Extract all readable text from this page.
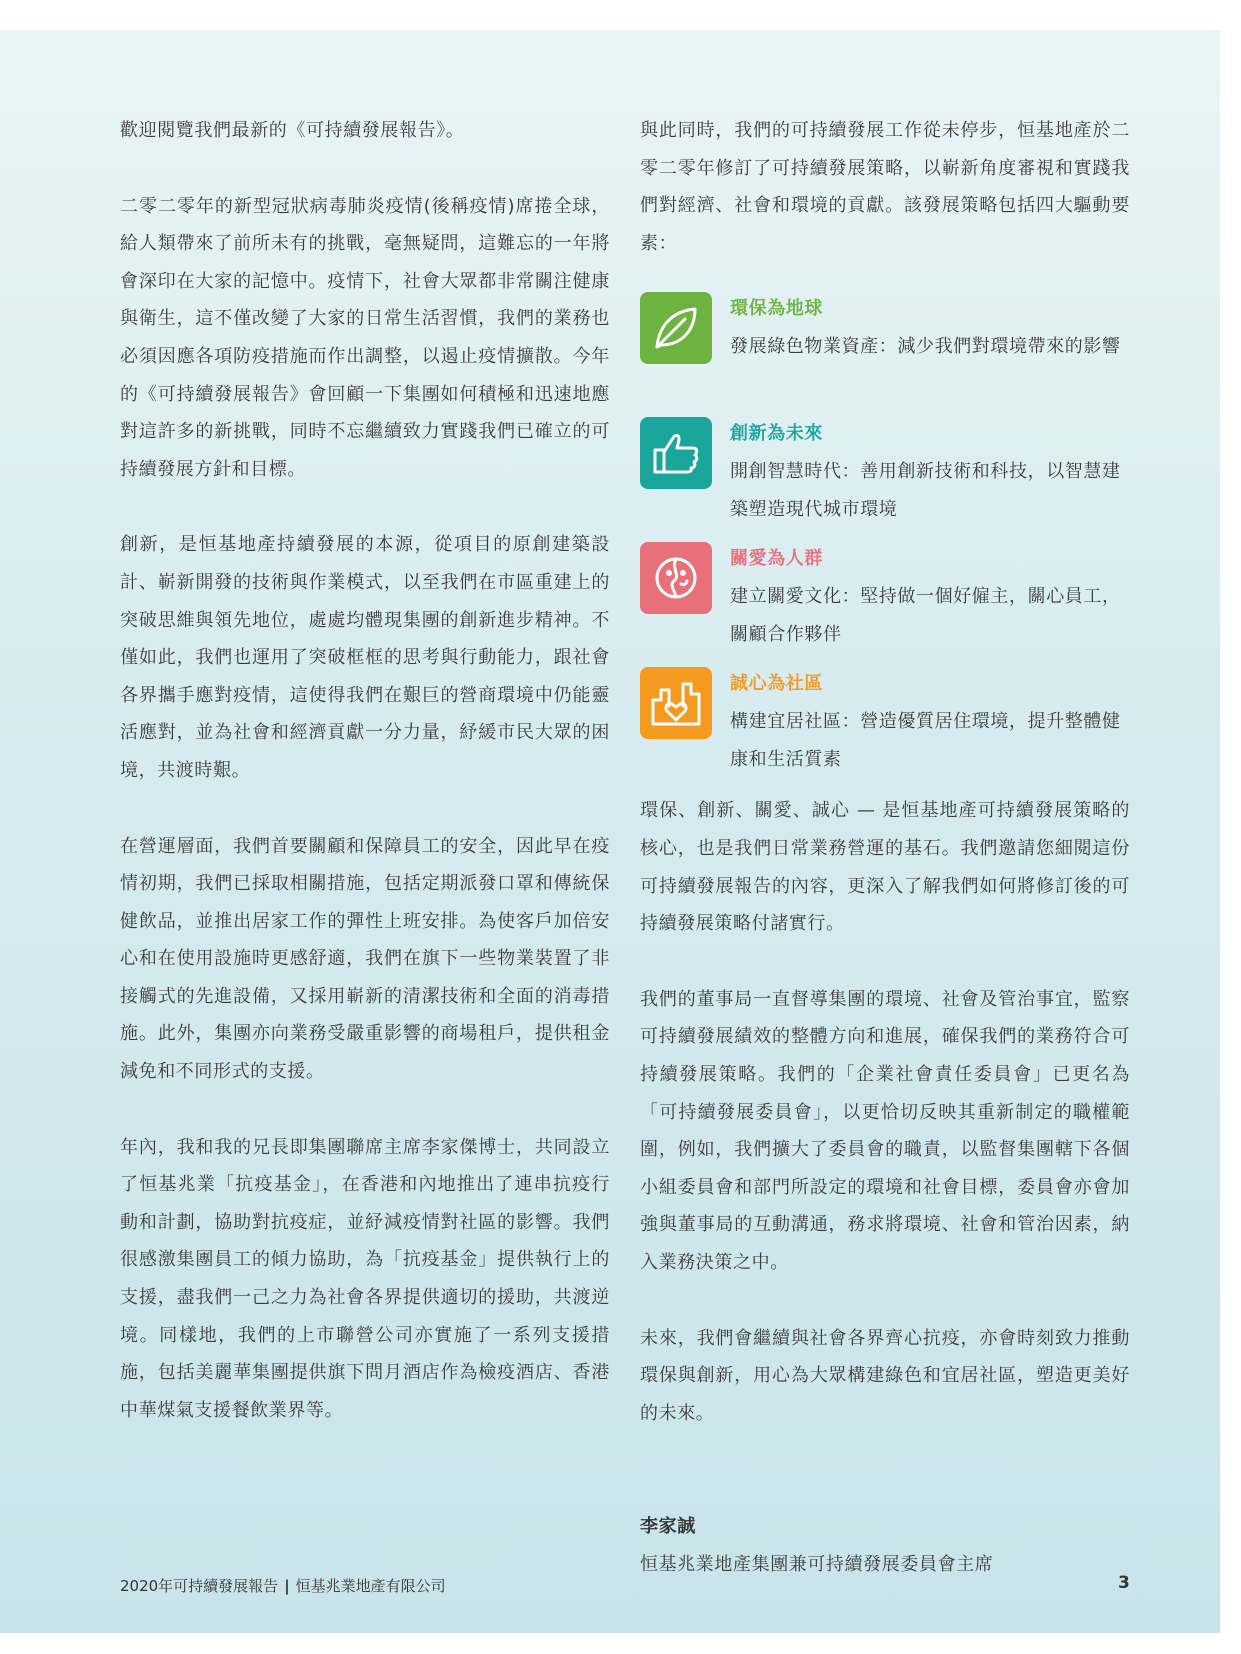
歡迎閱覽我們最新的《可持續發展報告》。

二零二零年的新型冠狀病毒肺炎疫情(後稱疫情)席捲全球，給人類帶來了前所未有的挑戰，毫無疑問，這難忘的一年將會深印在大家的記憶中。疫情下，社會大眾都非常關注健康與衛生，這不僅改變了大家的日常生活習慣，我們的業務也必須因應各項防疫措施而作出調整，以遏止疫情擴散。今年的《可持續發展報告》會回顧一下集團如何積極和迅速地應對這許多的新挑戰，同時不忘繼續致力實踐我們已確立的可持續發展方針和目標。

創新，是恒基地產持續發展的本源，從項目的原創建築設計、嶄新開發的技術與作業模式，以至我們在市區重建上的突破思維與領先地位，處處均體現集團的創新進步精神。不僅如此，我們也運用了突破框框的思考與行動能力，跟社會各界攜手應對疫情，這使得我們在艱巨的營商環境中仍能靈活應對，並為社會和經濟貢獻一分力量，紓緩市民大眾的困境，共渡時艱。

在營運層面，我們首要關顧和保障員工的安全，因此早在疫情初期，我們已採取相關措施，包括定期派發口罩和傳統保健飲品，並推出居家工作的彈性上班安排。為使客戶加倍安心和在使用設施時更感舒適，我們在旗下一些物業裝置了非接觸式的先進設備，又採用嶄新的清潔技術和全面的消毒措施。此外，集團亦向業務受嚴重影響的商場租戶，提供租金減免和不同形式的支援。

年內，我和我的兄長即集團聯席主席李家傑博士，共同設立了恒基兆業「抗疫基金」，在香港和內地推出了連串抗疫行動和計劃，協助對抗疫症，並紓減疫情對社區的影響。我們很感激集團員工的傾力協助，為「抗疫基金」提供執行上的支援，盡我們一己之力為社會各界提供適切的援助，共渡逆境。同樣地，我們的上市聯營公司亦實施了一系列支援措施，包括美麗華集團提供旗下問月酒店作為檢疫酒店、香港中華煤氣支援餐飲業界等。

與此同時，我們的可持續發展工作從未停步，恒基地產於二零二零年修訂了可持續發展策略，以嶄新角度審視和實踐我們對經濟、社會和環境的貢獻。該發展策略包括四大驅動要素：

環保為地球
發展綠色物業資產：減少我們對環境帶來的影響
創新為未來
開創智慧時代：善用創新技術和科技，以智慧建築塑造現代城市環境
關愛為人群
建立關愛文化：堅持做一個好僱主，關心員工，關顧合作夥伴
誠心為社區
構建宜居社區：營造優質居住環境，提升整體健康和生活質素

環保、創新、關愛、誠心 — 是恒基地產可持續發展策略的核心，也是我們日常業務營運的基石。我們邀請您細閱這份可持續發展報告的內容，更深入了解我們如何將修訂後的可持續發展策略付諸實行。

我們的董事局一直督導集團的環境、社會及管治事宜，監察可持續發展績效的整體方向和進展，確保我們的業務符合可持續發展策略。我們的「企業社會責任委員會」已更名為「可持續發展委員會」，以更恰切反映其重新制定的職權範圍，例如，我們擴大了委員會的職責，以監督集團轄下各個小組委員會和部門所設定的環境和社會目標，委員會亦會加強與董事局的互動溝通，務求將環境、社會和管治因素，納入業務決策之中。

未來，我們會繼續與社會各界齊心抗疫，亦會時刻致力推動環保與創新，用心為大眾構建綠色和宜居社區，塑造更美好的未來。

李家誠

恒基兆業地產集團兼可持續發展委員會主席

2020年可持續發展報告 | 恒基兆業地產有限公司	3
